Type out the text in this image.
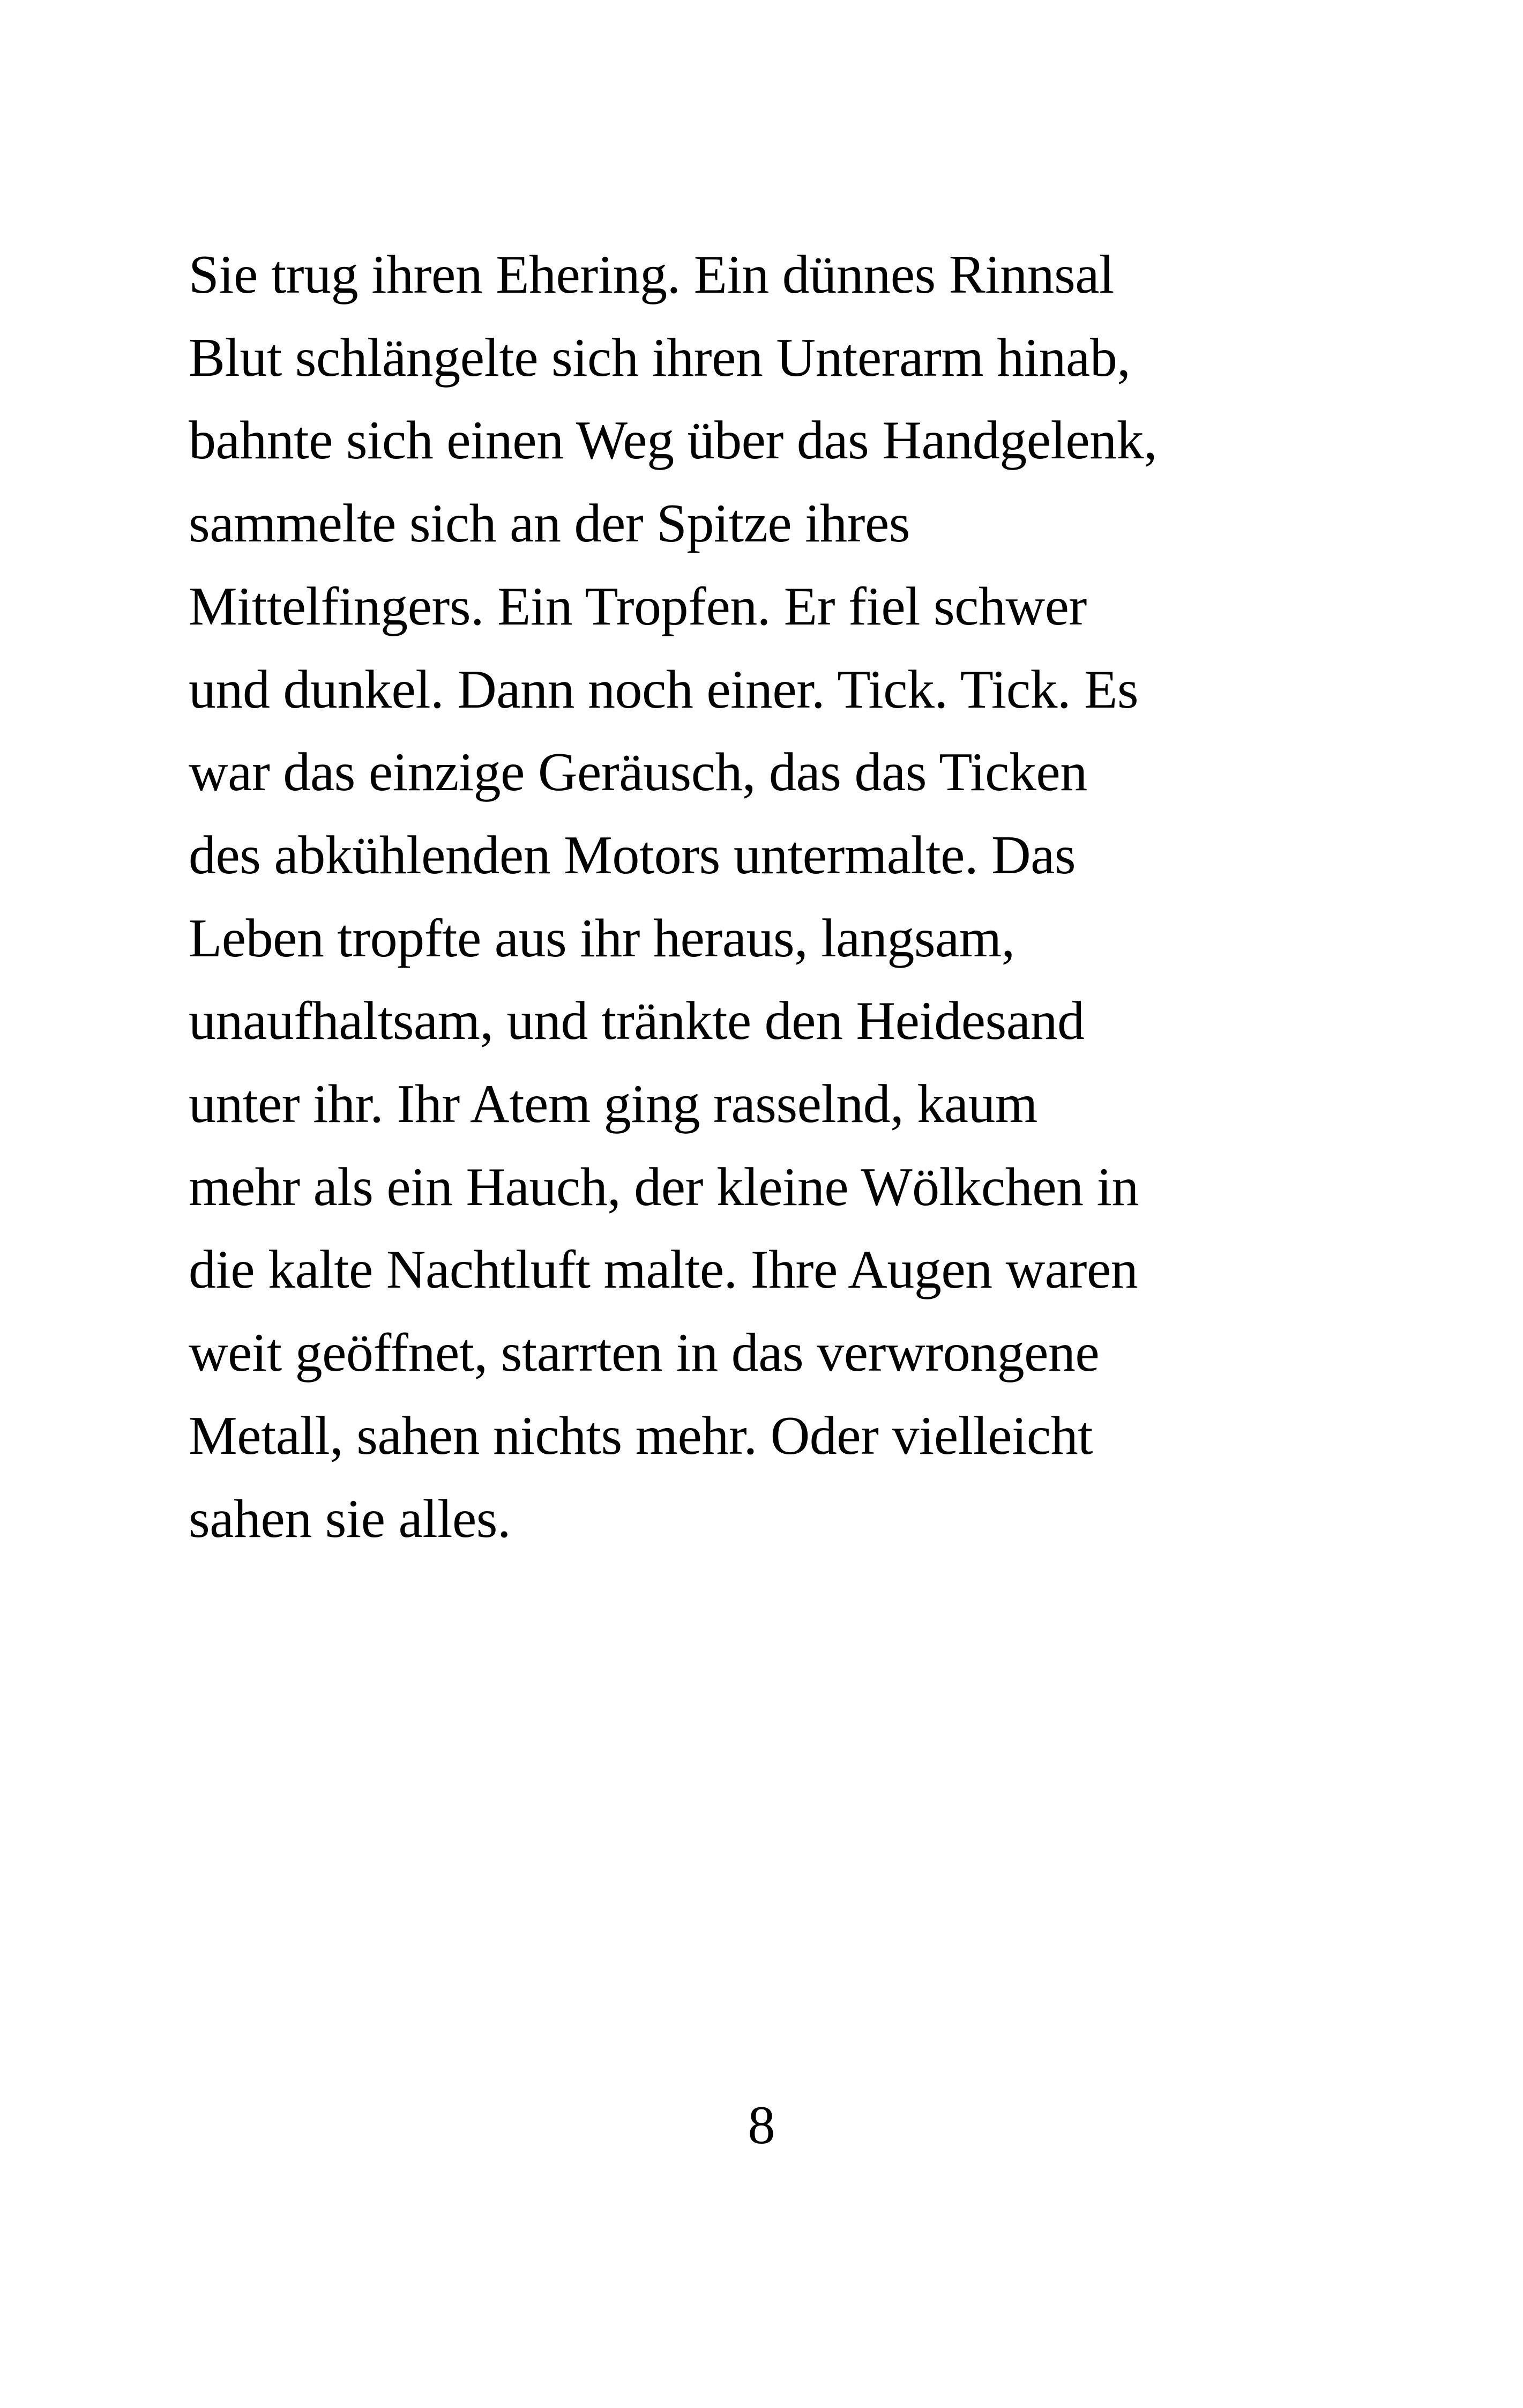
Sie trug ihren Ehering. Ein dünnes Rinnsal
Blut schlängelte sich ihren Unterarm hinab,
bahnte sich einen Weg über das Handgelenk,
sammelte sich an der Spitze ihres
Mittelfingers. Ein Tropfen. Er fiel schwer
und dunkel. Dann noch einer. Tick. Tick. Es
war das einzige Geräusch, das das Ticken
des abkühlenden Motors untermalte. Das
Leben tropfte aus ihr heraus, langsam,
unaufhaltsam, und tränkte den Heidesand
unter ihr. Ihr Atem ging rasselnd, kaum
mehr als ein Hauch, der kleine Wölkchen in
die kalte Nachtluft malte. Ihre Augen waren
weit geöffnet, starrten in das verwrongene
Metall, sahen nichts mehr. Oder vielleicht
sahen sie alles.
8
